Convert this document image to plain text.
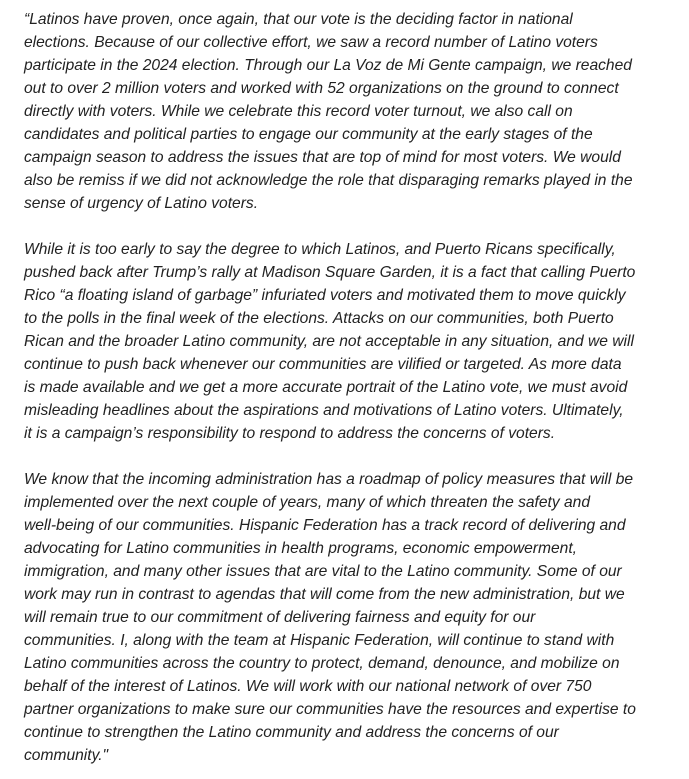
“Latinos have proven, once again, that our vote is the deciding factor in national
elections. Because of our collective effort, we saw a record number of Latino voters
participate in the 2024 election. Through our La Voz de Mi Gente campaign, we reached
out to over 2 million voters and worked with 52 organizations on the ground to connect
directly with voters. While we celebrate this record voter turnout, we also call on
candidates and political parties to engage our community at the early stages of the
campaign season to address the issues that are top of mind for most voters. We would
also be remiss if we did not acknowledge the role that disparaging remarks played in the
sense of urgency of Latino voters.

While it is too early to say the degree to which Latinos, and Puerto Ricans specifically,
pushed back after Trump’s rally at Madison Square Garden, it is a fact that calling Puerto
Rico “a floating island of garbage” infuriated voters and motivated them to move quickly
to the polls in the final week of the elections. Attacks on our communities, both Puerto
Rican and the broader Latino community, are not acceptable in any situation, and we will
continue to push back whenever our communities are vilified or targeted. As more data
is made available and we get a more accurate portrait of the Latino vote, we must avoid
misleading headlines about the aspirations and motivations of Latino voters. Ultimately,
it is a campaign’s responsibility to respond to address the concerns of voters.

We know that the incoming administration has a roadmap of policy measures that will be
implemented over the next couple of years, many of which threaten the safety and
well-being of our communities. Hispanic Federation has a track record of delivering and
advocating for Latino communities in health programs, economic empowerment,
immigration, and many other issues that are vital to the Latino community. Some of our
work may run in contrast to agendas that will come from the new administration, but we
will remain true to our commitment of delivering fairness and equity for our
communities. I, along with the team at Hispanic Federation, will continue to stand with
Latino communities across the country to protect, demand, denounce, and mobilize on
behalf of the interest of Latinos. We will work with our national network of over 750
partner organizations to make sure our communities have the resources and expertise to
continue to strengthen the Latino community and address the concerns of our
community."
